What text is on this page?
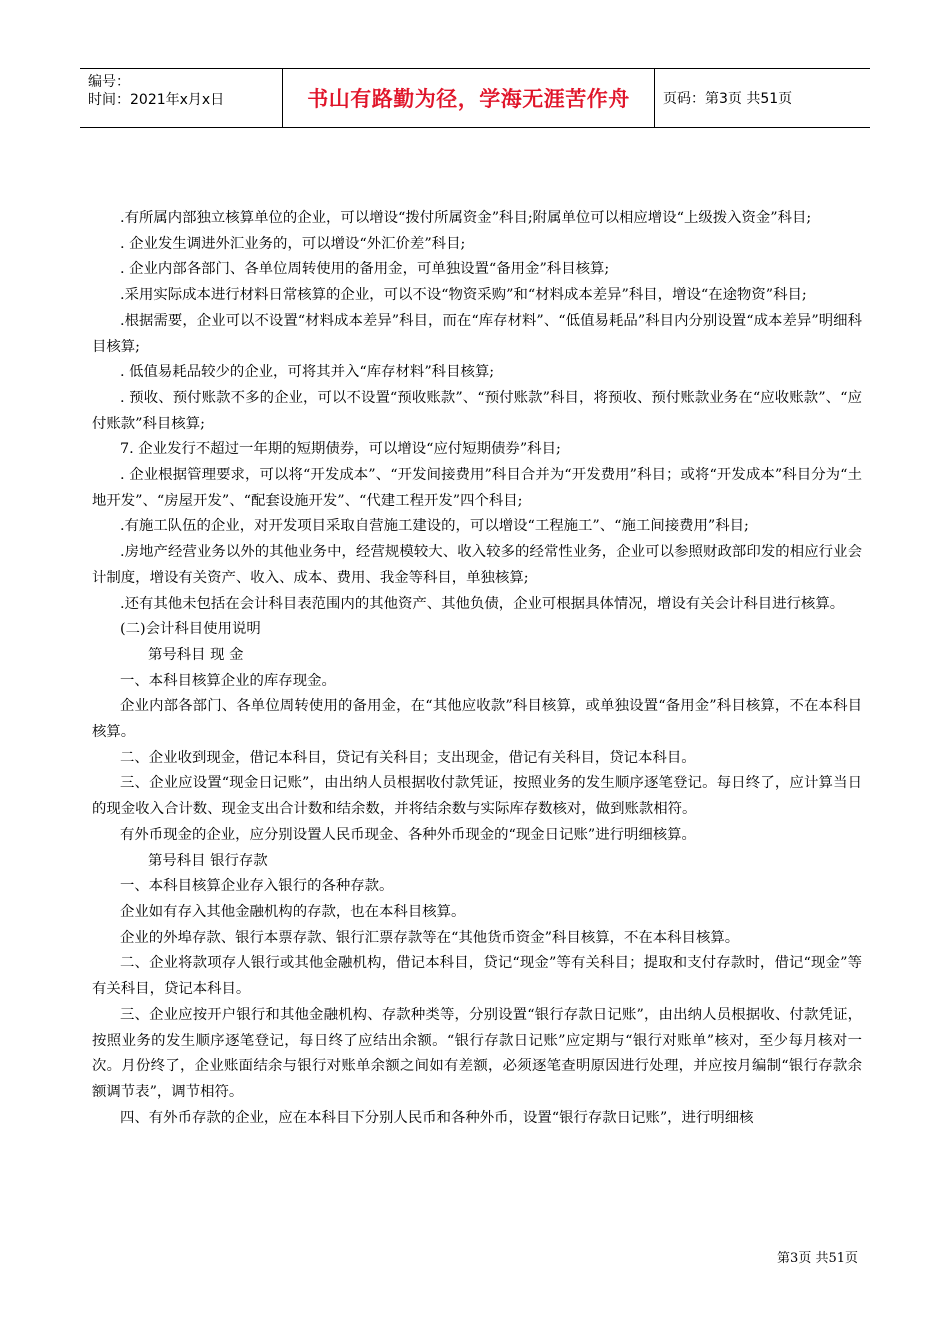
编号：
时间：2021年x月x日	书山有路勤为径，学海无涯苦作舟	页码：第3页 共51页

.有所属内部独立核算单位的企业，可以增设“拨付所属资金”科目;附属单位可以相应增设“上级拨入资金”科目;

. 企业发生调进外汇业务的，可以增设“外汇价差”科目;

. 企业内部各部门、各单位周转使用的备用金，可单独设置“备用金”科目核算;

.采用实际成本进行材料日常核算的企业，可以不设“物资采购”和“材料成本差异”科目，增设“在途物资”科目;

.根据需要，企业可以不设置“材料成本差异”科目，而在“库存材料”、“低值易耗品”科目内分别设置“成本差异”明细科目核算;

. 低值易耗品较少的企业，可将其并入“库存材料”科目核算;

. 预收、预付账款不多的企业，可以不设置“预收账款”、“预付账款”科目，将预收、预付账款业务在“应收账款”、“应付账款”科目核算;

7. 企业发行不超过一年期的短期债券，可以增设“应付短期债券”科目;

. 企业根据管理要求，可以将“开发成本”、“开发间接费用”科目合并为“开发费用”科目；或将“开发成本”科目分为“土地开发”、“房屋开发”、“配套设施开发”、“代建工程开发”四个科目;

.有施工队伍的企业，对开发项目采取自营施工建设的，可以增设“工程施工”、“施工间接费用”科目;

.房地产经营业务以外的其他业务中，经营规模较大、收入较多的经常性业务，企业可以参照财政部印发的相应行业会计制度，增设有关资产、收入、成本、费用、我金等科目，单独核算;

.还有其他未包括在会计科目表范围内的其他资产、其他负债，企业可根据具体情况，增设有关会计科目进行核算。

(二)会计科目使用说明

第号科目 现 金

一、本科目核算企业的库存现金。

企业内部各部门、各单位周转使用的备用金，在“其他应收款”科目核算，或单独设置“备用金”科目核算，不在本科目核算。

二、企业收到现金，借记本科目，贷记有关科目；支出现金，借记有关科目，贷记本科目。

三、企业应设置“现金日记账”，由出纳人员根据收付款凭证，按照业务的发生顺序逐笔登记。每日终了，应计算当日的现金收入合计数、现金支出合计数和结余数，并将结余数与实际库存数核对，做到账款相符。

有外币现金的企业，应分别设置人民币现金、各种外币现金的“现金日记账”进行明细核算。

第号科目 银行存款

一、本科目核算企业存入银行的各种存款。

企业如有存入其他金融机构的存款，也在本科目核算。

企业的外埠存款、银行本票存款、银行汇票存款等在“其他货币资金”科目核算，不在本科目核算。

二、企业将款项存人银行或其他金融机构，借记本科目，贷记“现金”等有关科目；提取和支付存款时，借记“现金”等有关科目，贷记本科目。

三、企业应按开户银行和其他金融机构、存款种类等，分别设置“银行存款日记账”，由出纳人员根据收、付款凭证，按照业务的发生顺序逐笔登记，每日终了应结出余额。“银行存款日记账”应定期与“银行对账单”核对，至少每月核对一次。月份终了，企业账面结余与银行对账单余额之间如有差额，必须逐笔查明原因进行处理，并应按月编制“银行存款余额调节表”，调节相符。

四、有外币存款的企业，应在本科目下分别人民币和各种外币，设置“银行存款日记账”，进行明细核

第3页 共51页
